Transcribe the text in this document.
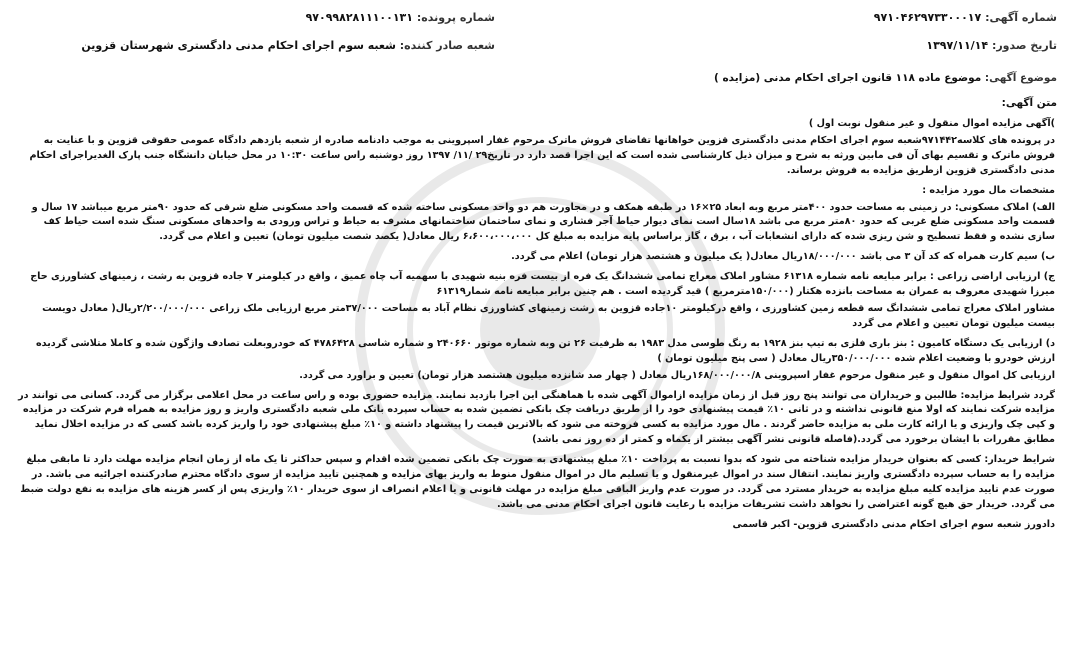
شماره آگهی: ۹۷۱۰۴۶۲۹۷۳۳۰۰۰۱۷
شماره پرونده: ۹۷۰۹۹۸۲۸۱۱۱۰۰۱۳۱
تاریخ صدور: ۱۳۹۷/۱۱/۱۴
شعبه صادر کننده: شعبه سوم اجرای احکام مدنی دادگستری شهرستان قزوین
موضوع آگهی: موضوع ماده ۱۱۸ قانون اجرای احکام مدنی (مزایده )
متن آگهی:

)آگهی مزایده اموال منقول و غیر منقول نوبت اول )

در پرونده های کلاسه۹۷۱۴۴۲شعبه سوم اجرای احکام مدنی دادگستری قزوین خواهانها تقاضای فروش ماترک مرحوم غفار اسپروینی به موجب دادنامه صادره از شعبه یازدهم دادگاه عمومی حقوقی قزوین و با عنایت به فروش ماترک و تقسیم بهای آن فی مابین ورثه به شرح و میزان ذیل کارشناسی شده است که این اجرا قصد دارد در تاریخ۲۹ /۱۱/ ۱۳۹۷ روز دوشنبه راس ساعت ۱۰:۳۰ در محل خیابان دانشگاه جنب پارک الغدیراجرای احکام مدنی دادگستری قزوین ازطریق مزایده به فروش برساند.

مشخصات مال مورد مزایده :

الف) املاک مسکونی: در زمینی به مساحت حدود ۴۰۰متر مربع وبه ابعاد ۲۵×۱۶ در طبقه همکف و در مجاورت هم دو واحد مسکونی ساخته شده که قسمت واحد مسکونی ضلع شرقی که حدود ۹۰متر مربع میباشد ۱۷ سال و قسمت واحد مسکونی ضلع غربی که حدود ۸۰متر مربع می باشد ۱۸سال است نمای دیوار حیاط آجر فشاری و نمای ساختمان ساختمانهای مشرف به حیاط و تراس ورودی به واحدهای مسکونی سنگ شده است حیاط کف سازی نشده و فقط تسطیح و شن ریزی شده که دارای انشعابات آب ، برق ، گاز براساس پایه مزایده به مبلغ کل ۶،۶۰۰،۰۰۰،۰۰۰ ریال معادل( یکصد شصت میلیون تومان) تعیین و اعلام می گردد.

ب) سیم کارت همراه که کد آن ۳ می باشد ۱۸/۰۰۰/۰۰۰ریال معادل( یک میلیون و هشتصد هزار تومان) اعلام می گردد.

ج) ارزیابی اراضی زراعی : برابر مبایعه نامه شماره ۶۱۳۱۸ مشاور املاک معراج تمامی ششدانگ یک فره از بیست فره بنیه شهیدی با سهمیه آب چاه عمیق ، واقع در کیلومتر ۷ جاده قزوین به رشت ، زمینهای کشاورزی حاج میرزا شهیدی معروف به عمران به مساحت بانزده هکتار (۱۵۰/۰۰۰مترمربع ) قید گردیده است . هم چنین برابر مبایعه نامه شمار۶۱۳۱۹

مشاور املاک معراج تمامی ششدانگ سه قطعه زمین کشاورزی ، واقع درکیلومتر ۱۰جاده قزوین به رشت زمینهای کشاورزی نظام آباد به مساحت ۳۷/۰۰۰متر مربع ارزیابی ملک زراعی ۲/۲۰۰/۰۰۰/۰۰۰ریال( معادل دویست بیست میلیون تومان تعیین و اعلام می گردد

د) ارزیابی یک دستگاه کامیون : بنز باری فلزی به تیپ بنز ۱۹۲۸ به رنگ طوسی مدل ۱۹۸۳ به ظرفیت ۲۶ تن وبه شماره موتور ۲۴۰۶۶۰ و شماره شاسی ۴۷۸۶۴۲۸ که خودروبعلت تصادف واژگون شده و کاملا متلاشی گردیده ارزش خودرو با وضعیت اعلام شده ۳۵۰/۰۰۰/۰۰۰ریال معادل ( سی پنج میلیون تومان )

ارزیابی کل اموال منقول و غیر منقول مرحوم غفار اسپروینی ۱۶۸/۰۰۰/۰۰۰/۸ریال معادل ( چهار صد شانزده میلیون هشتصد هزار تومان) تعیین و براورد می گردد.

گردد شرایط مزایده: طالبین و خریداران می توانند پنج روز قبل از زمان مزایده ازاموال آگهی شده با هماهنگی این اجرا بازدید نمایند. مزایده حضوری بوده و راس ساعت در محل اعلامی برگزار می گردد. کسانی می توانند در مزایده شرکت نمایند که اولا منع قانونی نداشته و در ثانی ۱۰٪ قیمت پیشنهادی خود را از طریق دریافت چک بانکی تضمین شده به حساب سپرده بانک ملی شعبه دادگستری واریز و روز مزایده به همراه فرم شرکت در مزایده و کپی چک واریزی و یا ارائه کارت ملی به مزایده حاضر گردند . مال مورد مزایده به کسی فروخته می شود که بالاترین قیمت را پیشنهاد داشته و ۱۰٪ مبلغ پیشنهادی خود را واریز کرده باشد کسی که در مزایده اخلال نماید مطابق مقررات با ایشان برخورد می گردد.(فاصله قانونی نشر آگهی بیشتر از یکماه و کمتر از ده روز نمی باشد)

شرایط خریدار: کسی که بعنوان خریدار مزایده شناخته می شود که بدوا نسبت به پرداخت ۱۰٪ مبلغ پیشنهادی به صورت چک بانکی تضمین شده اقدام و سپس حداکثر تا یک ماه از زمان انجام مزایده مهلت دارد تا مابقی مبلغ مزایده را به حساب سپرده دادگستری واریز نمایند. انتقال سند در اموال غیرمنقول و یا تسلیم مال در اموال منقول منوط به واریز بهای مزایده و همچنین تایید مزایده از سوی دادگاه محترم صادرکننده اجرائیه می باشد. در صورت عدم تایید مزایده کلیه مبلغ مزایده به خریدار مسترد می گردد. در صورت عدم واریز الباقی مبلغ مزایده در مهلت قانونی و یا اعلام انصراف از سوی خریدار ۱۰٪ واریزی پس از کسر هزینه های مزایده به نفع دولت ضبط می گردد. خریدار حق هیچ گونه اعتراضی را نخواهد داشت تشریفات مزایده با رعایت قانون اجرای احکام مدنی می باشد.

دادورز شعبه سوم اجرای احکام مدنی دادگستری قزوین- اکبر قاسمی
